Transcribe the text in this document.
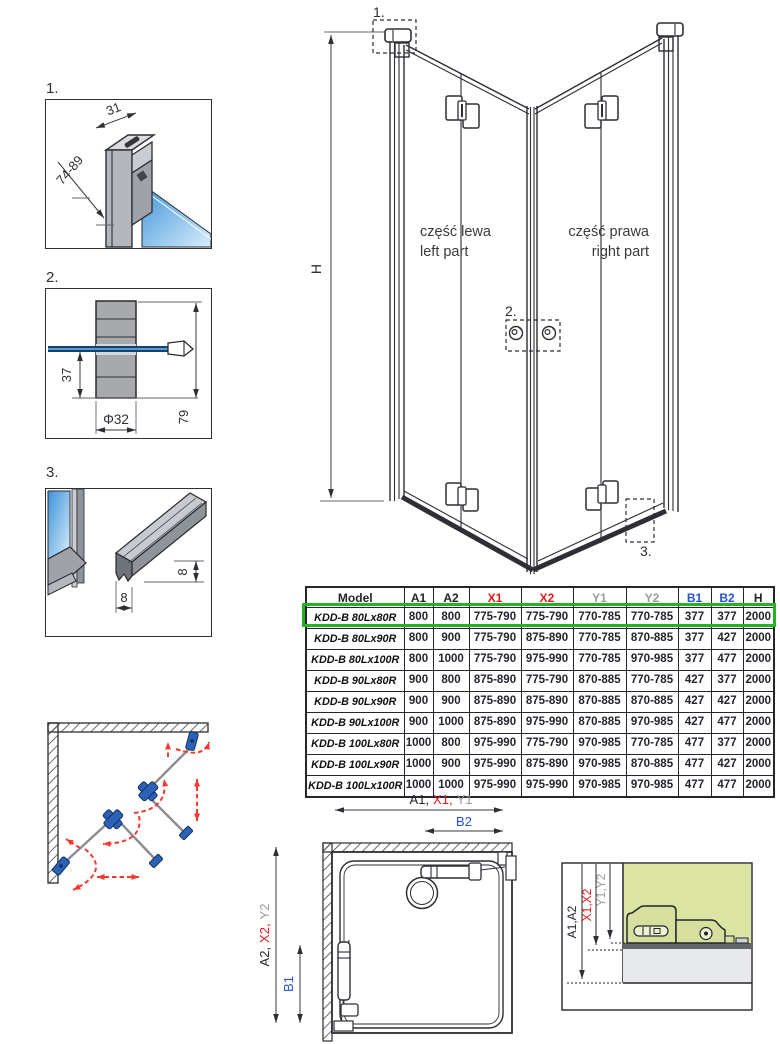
1.
31
74-89
2.
37
79
Φ32
3.
8
8
H
1.
2.
3.
część lewa
left part
część prawa
right part
Model	A1	A2	X1	X2	Y1	Y2	B1	B2	H
KDD-B 80Lx80R	800	800	775-790	775-790	770-785	770-785	377	377	2000
KDD-B 80Lx90R	800	900	775-790	875-890	770-785	870-885	377	427	2000
KDD-B 80Lx100R	800	1000	775-790	975-990	770-785	970-985	377	477	2000
KDD-B 90Lx80R	900	800	875-890	775-790	870-885	770-785	427	377	2000
KDD-B 90Lx90R	900	900	875-890	875-890	870-885	870-885	427	427	2000
KDD-B 90Lx100R	900	1000	875-890	975-990	870-885	970-985	427	477	2000
KDD-B 100Lx80R	1000	800	975-990	775-790	970-985	770-785	477	377	2000
KDD-B 100Lx90R	1000	900	975-990	875-890	970-985	870-885	477	427	2000
KDD-B 100Lx100R	1000	1000	975-990	975-990	970-985	970-985	477	477	2000
A1, X1, Y1
B2
A2,X2,Y2
B1
A1,A2
X1,X2 Y1,Y2
